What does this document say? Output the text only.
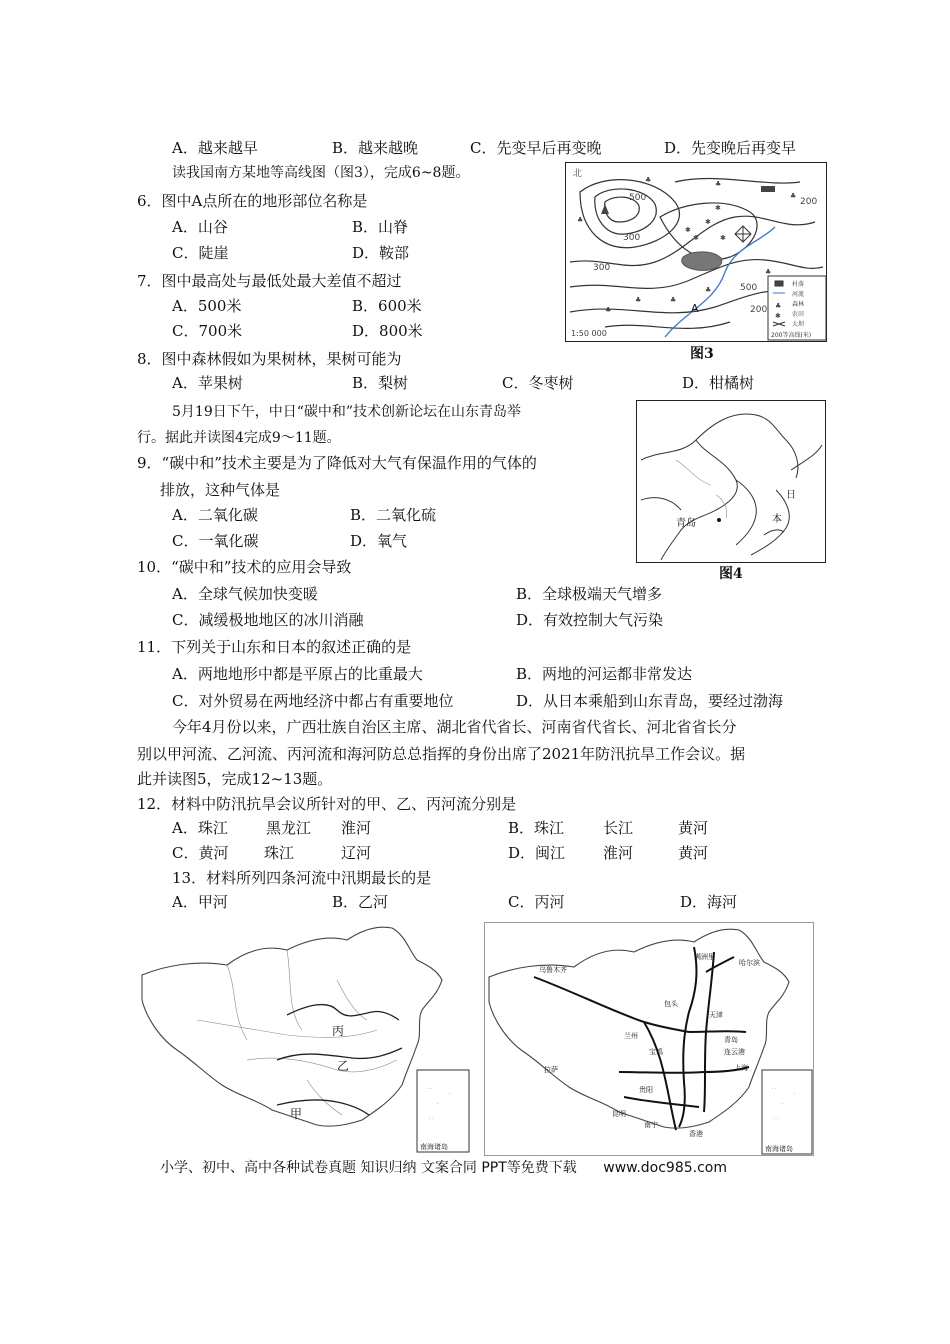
A．越来越早	B．越来越晚	C．先变早后再变晚	D．先变晚后再变早
读我国南方某地等高线图（图3），完成6~8题。
6．图中A点所在的地形部位名称是
A．山谷	B．山脊
C．陡崖	D．鞍部
7．图中最高处与最低处最大差值不超过
A．500米	B．600米
C．700米	D．800米
8．图中森林假如为果树林，果树可能为
A．苹果树	B．梨树	C．冬枣树	D．柑橘树
北
500
300
500
200
300
200
A
1:50 000
♣	♣
♣
♣
♣
♣
♣
♣
♣
✱
✱
✱
✱
✱
村落
河流
森林
农田
大坝
200等高线(米)
♣
✱
图3
5月19日下午，中日“碳中和”技术创新论坛在山东青岛举
行。据此并读图4完成9～11题。
青岛
日
本
图4
9．“碳中和”技术主要是为了降低对大气有保温作用的气体的
排放，这种气体是
A．二氧化碳	B．二氧化硫
C．一氧化碳	D．氧气
10．“碳中和”技术的应用会导致
A．全球气候加快变暖	B．全球极端天气增多
C．减缓极地地区的冰川消融	D．有效控制大气污染
11．下列关于山东和日本的叙述正确的是
A．两地地形中都是平原占的比重最大	B．两地的河运都非常发达
C．对外贸易在两地经济中都占有重要地位	D．从日本乘船到山东青岛，要经过渤海
今年4月份以来，广西壮族自治区主席、湖北省代省长、河南省代省长、河北省省长分
别以甲河流、乙河流、丙河流和海河防总总指挥的身份出席了2021年防汛抗旱工作会议。据
此并读图5，完成12~13题。
12．材料中防汛抗旱会议所针对的甲、乙、丙河流分别是
A．珠江	黑龙江 淮河	B．珠江	长江	黄河
C．黄河 珠江	辽河	D．闽江	淮河	黄河
13．材料所列四条河流中汛期最长的是
A．甲河	B．乙河	C．丙河	D．海河
丙
乙
甲
· ·
·
· ·
·
南海诸岛
乌鲁木齐
满洲里
哈尔滨
包头
天津
兰州
宝鸡
青岛
连云港
上海
拉萨
贵阳
昆明
南宁
香港
· ·
·
· ·
·
南海诸岛
小学、初中、高中各种试卷真题 知识归纳 文案合同 PPT等免费下载 www.doc985.com
